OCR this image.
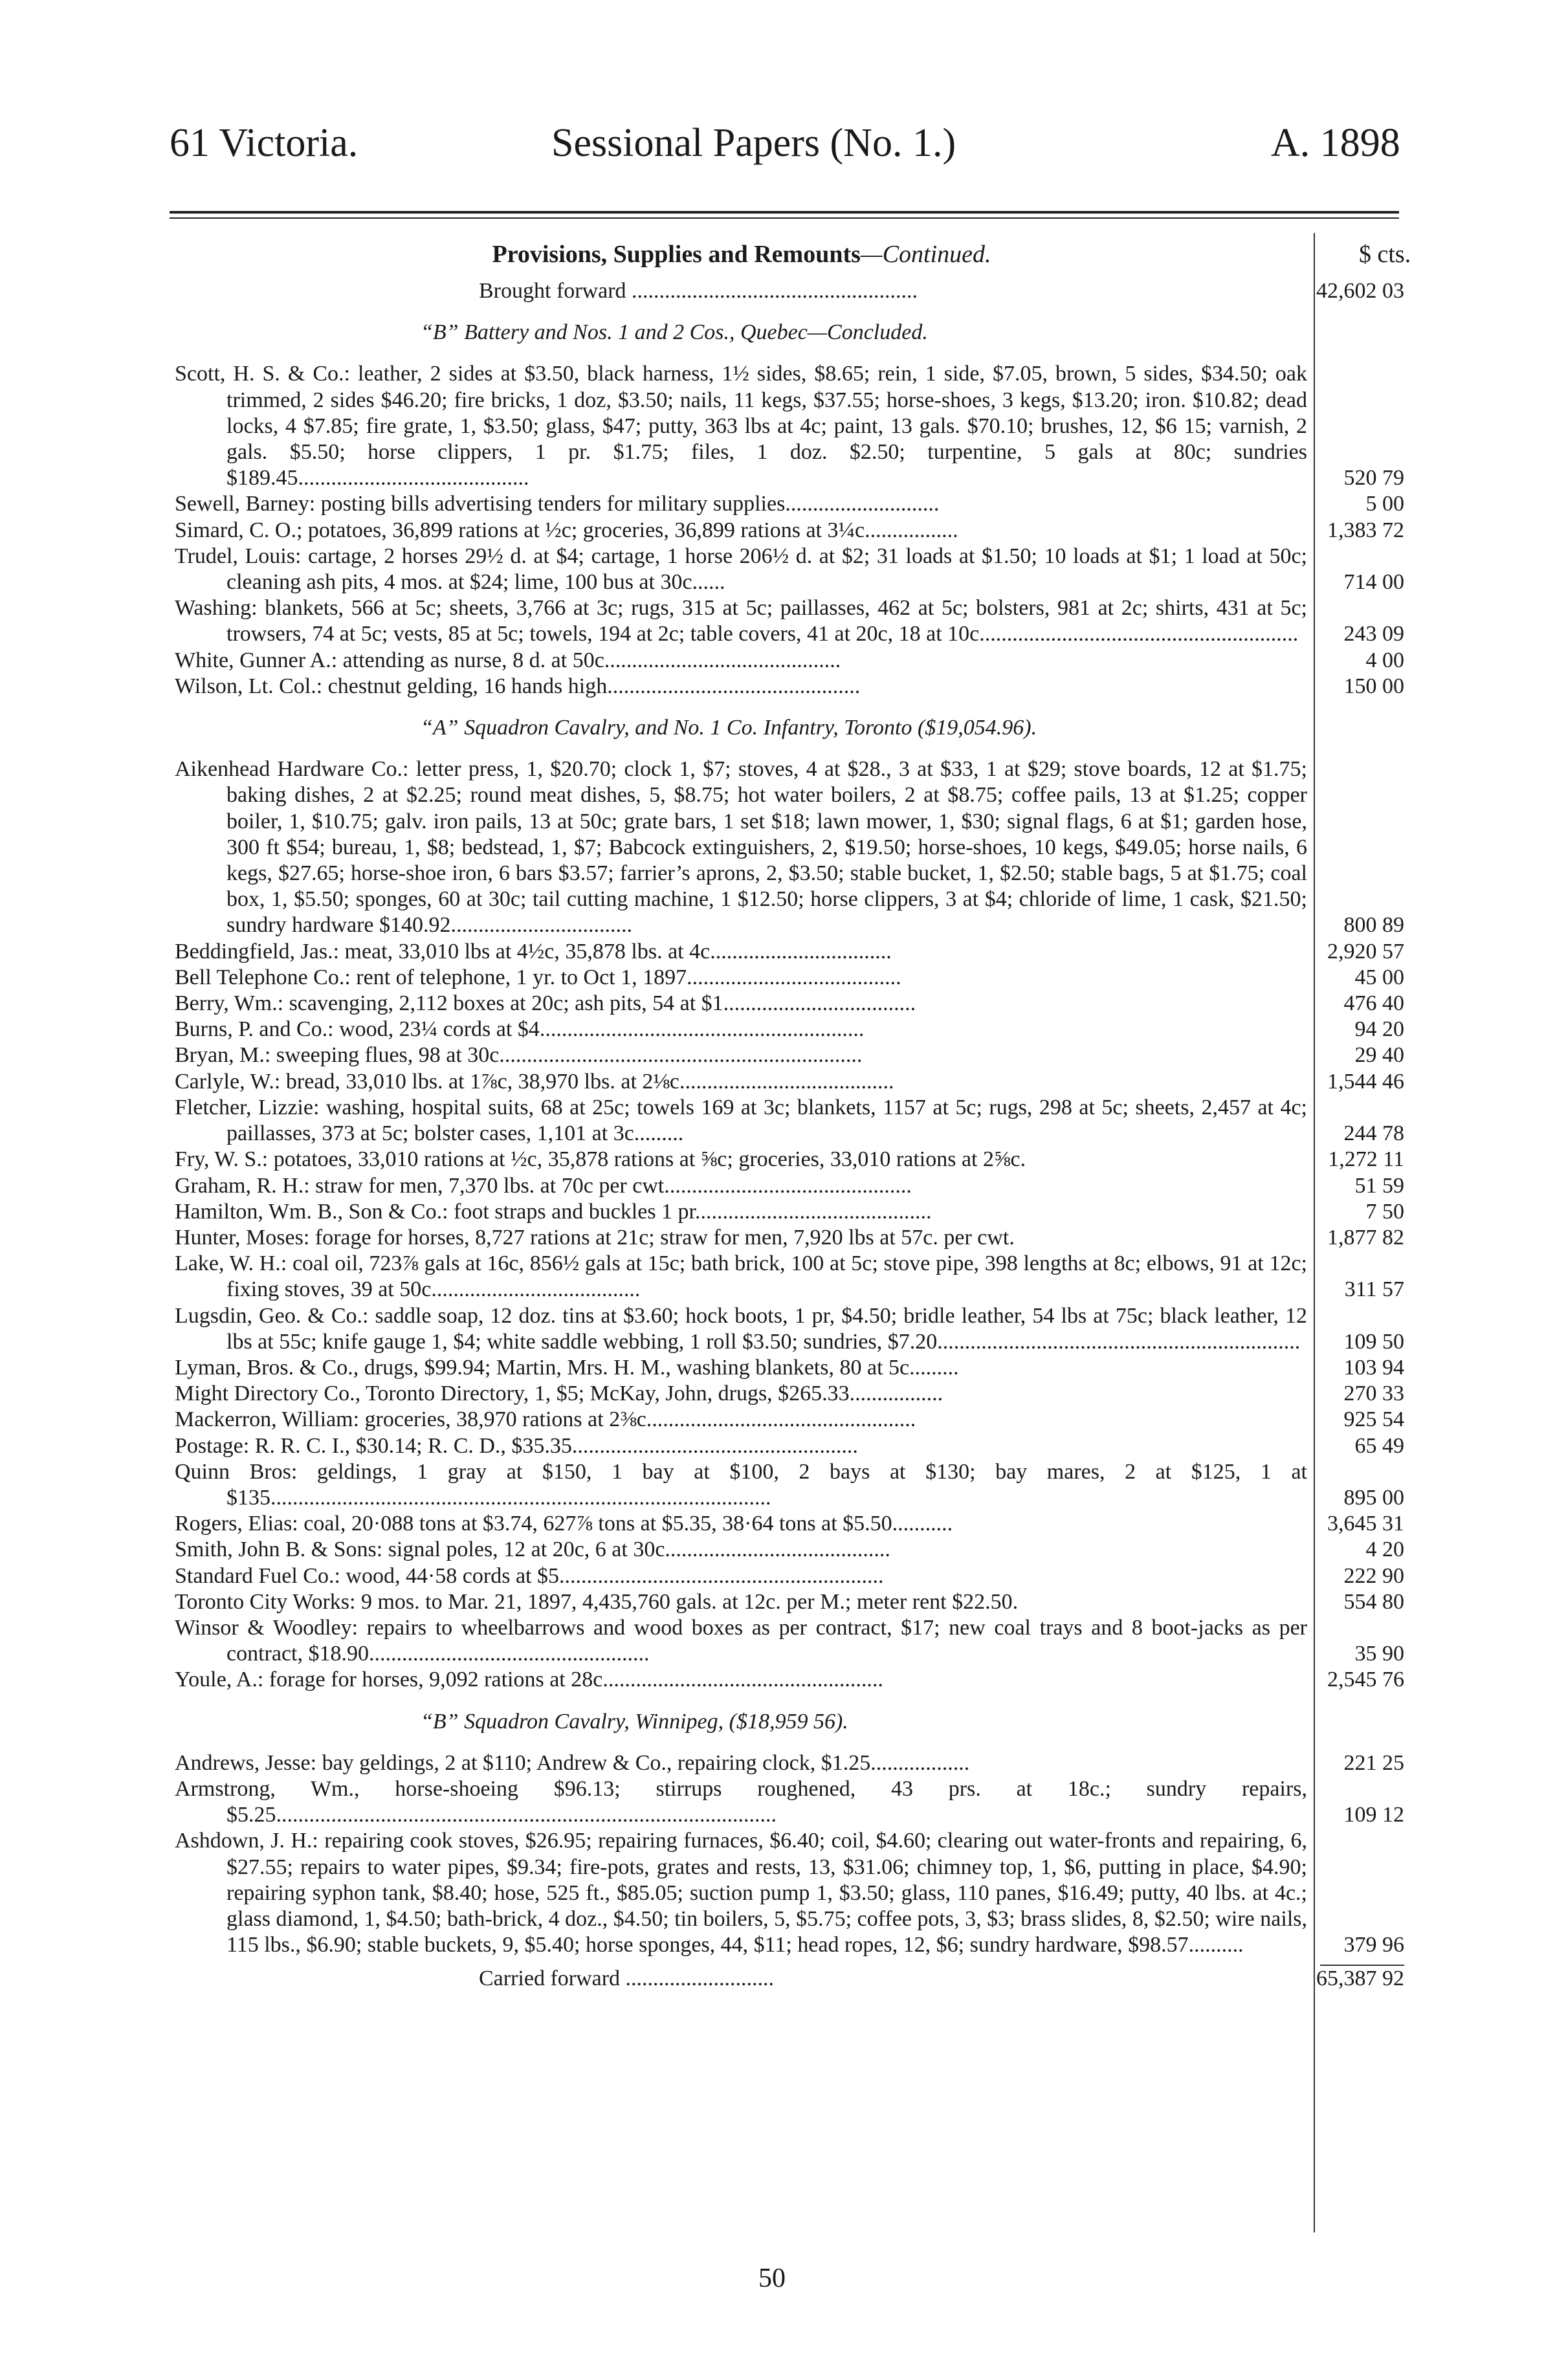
61 Victoria.	Sessional Papers (No. 1.)	A. 1898
Provisions, Supplies and Remounts—Continued.	$ cts.
Brought forward ....................................................	42,602 03
“B” Battery and Nos. 1 and 2 Cos., Quebec—Concluded.
Scott, H. S. & Co.: leather, 2 sides at $3.50, black harness, 1½ sides, $8.65; rein, 1 side, $7.05, brown, 5 sides, $34.50; oak trimmed, 2 sides $46.20; fire bricks, 1 doz, $3.50; nails, 11 kegs, $37.55; horse-shoes, 3 kegs, $13.20; iron. $10.82; dead locks, 4 $7.85; fire grate, 1, $3.50; glass, $47; putty, 363 lbs at 4c; paint, 13 gals. $70.10; brushes, 12, $6 15; varnish, 2 gals. $5.50; horse clippers, 1 pr. $1.75; files, 1 doz. $2.50; turpentine, 5 gals at 80c; sundries $189.45..........................................	520 79
Sewell, Barney: posting bills advertising tenders for military supplies............................	5 00
Simard, C. O.; potatoes, 36,899 rations at ½c; groceries, 36,899 rations at 3¼c.................	1,383 72
Trudel, Louis: cartage, 2 horses 29½ d. at $4; cartage, 1 horse 206½ d. at $2; 31 loads at $1.50; 10 loads at $1; 1 load at 50c; cleaning ash pits, 4 mos. at $24; lime, 100 bus at 30c......	714 00
Washing: blankets, 566 at 5c; sheets, 3,766 at 3c; rugs, 315 at 5c; paillasses, 462 at 5c; bolsters, 981 at 2c; shirts, 431 at 5c; trowsers, 74 at 5c; vests, 85 at 5c; towels, 194 at 2c; table covers, 41 at 20c, 18 at 10c..........................................................	243 09
White, Gunner A.: attending as nurse, 8 d. at 50c...........................................	4 00
Wilson, Lt. Col.: chestnut gelding, 16 hands high..............................................	150 00
“A” Squadron Cavalry, and No. 1 Co. Infantry, Toronto ($19,054.96).
Aikenhead Hardware Co.: letter press, 1, $20.70; clock 1, $7; stoves, 4 at $28., 3 at $33, 1 at $29; stove boards, 12 at $1.75; baking dishes, 2 at $2.25; round meat dishes, 5, $8.75; hot water boilers, 2 at $8.75; coffee pails, 13 at $1.25; copper boiler, 1, $10.75; galv. iron pails, 13 at 50c; grate bars, 1 set $18; lawn mower, 1, $30; signal flags, 6 at $1; garden hose, 300 ft $54; bureau, 1, $8; bedstead, 1, $7; Babcock extinguishers, 2, $19.50; horse-shoes, 10 kegs, $49.05; horse nails, 6 kegs, $27.65; horse-shoe iron, 6 bars $3.57; farrier’s aprons, 2, $3.50; stable bucket, 1, $2.50; stable bags, 5 at $1.75; coal box, 1, $5.50; sponges, 60 at 30c; tail cutting machine, 1 $12.50; horse clippers, 3 at $4; chloride of lime, 1 cask, $21.50; sundry hardware $140.92.................................	800 89
Beddingfield, Jas.: meat, 33,010 lbs at 4½c, 35,878 lbs. at 4c.................................	2,920 57
Bell Telephone Co.: rent of telephone, 1 yr. to Oct 1, 1897.......................................	45 00
Berry, Wm.: scavenging, 2,112 boxes at 20c; ash pits, 54 at $1...................................	476 40
Burns, P. and Co.: wood, 23¼ cords at $4...........................................................	94 20
Bryan, M.: sweeping flues, 98 at 30c..................................................................	29 40
Carlyle, W.: bread, 33,010 lbs. at 1⅞c, 38,970 lbs. at 2⅛c.......................................	1,544 46
Fletcher, Lizzie: washing, hospital suits, 68 at 25c; towels 169 at 3c; blankets, 1157 at 5c; rugs, 298 at 5c; sheets, 2,457 at 4c; paillasses, 373 at 5c; bolster cases, 1,101 at 3c.........	244 78
Fry, W. S.: potatoes, 33,010 rations at ½c, 35,878 rations at ⅝c; groceries, 33,010 rations at 2⅝c.	1,272 11
Graham, R. H.: straw for men, 7,370 lbs. at 70c per cwt.............................................	51 59
Hamilton, Wm. B., Son & Co.: foot straps and buckles 1 pr...........................................	7 50
Hunter, Moses: forage for horses, 8,727 rations at 21c; straw for men, 7,920 lbs at 57c. per cwt.	1,877 82
Lake, W. H.: coal oil, 723⅞ gals at 16c, 856½ gals at 15c; bath brick, 100 at 5c; stove pipe, 398 lengths at 8c; elbows, 91 at 12c; fixing stoves, 39 at 50c......................................	311 57
Lugsdin, Geo. & Co.: saddle soap, 12 doz. tins at $3.60; hock boots, 1 pr, $4.50; bridle leather, 54 lbs at 75c; black leather, 12 lbs at 55c; knife gauge 1, $4; white saddle webbing, 1 roll $3.50; sundries, $7.20..................................................................	109 50
Lyman, Bros. & Co., drugs, $99.94; Martin, Mrs. H. M., washing blankets, 80 at 5c.........	103 94
Might Directory Co., Toronto Directory, 1, $5; McKay, John, drugs, $265.33.................	270 33
Mackerron, William: groceries, 38,970 rations at 2⅜c.................................................	925 54
Postage: R. R. C. I., $30.14; R. C. D., $35.35....................................................	65 49
Quinn Bros: geldings, 1 gray at $150, 1 bay at $100, 2 bays at $130; bay mares, 2 at $125, 1 at $135...........................................................................................	895 00
Rogers, Elias: coal, 20·088 tons at $3.74, 627⅞ tons at $5.35, 38·64 tons at $5.50...........	3,645 31
Smith, John B. & Sons: signal poles, 12 at 20c, 6 at 30c.........................................	4 20
Standard Fuel Co.: wood, 44·58 cords at $5...........................................................	222 90
Toronto City Works: 9 mos. to Mar. 21, 1897, 4,435,760 gals. at 12c. per M.; meter rent $22.50.	554 80
Winsor & Woodley: repairs to wheelbarrows and wood boxes as per contract, $17; new coal trays and 8 boot-jacks as per contract, $18.90...................................................	35 90
Youle, A.: forage for horses, 9,092 rations at 28c...................................................	2,545 76
“B” Squadron Cavalry, Winnipeg, ($18,959 56).
Andrews, Jesse: bay geldings, 2 at $110; Andrew & Co., repairing clock, $1.25..................	221 25
Armstrong, Wm., horse-shoeing $96.13; stirrups roughened, 43 prs. at 18c.; sundry repairs, $5.25...........................................................................................	109 12
Ashdown, J. H.: repairing cook stoves, $26.95; repairing furnaces, $6.40; coil, $4.60; clearing out water-fronts and repairing, 6, $27.55; repairs to water pipes, $9.34; fire-pots, grates and rests, 13, $31.06; chimney top, 1, $6, putting in place, $4.90; repairing syphon tank, $8.40; hose, 525 ft., $85.05; suction pump 1, $3.50; glass, 110 panes, $16.49; putty, 40 lbs. at 4c.; glass diamond, 1, $4.50; bath-brick, 4 doz., $4.50; tin boilers, 5, $5.75; coffee pots, 3, $3; brass slides, 8, $2.50; wire nails, 115 lbs., $6.90; stable buckets, 9, $5.40; horse sponges, 44, $11; head ropes, 12, $6; sundry hardware, $98.57..........	379 96
Carried forward ...........................	65,387 92
50
